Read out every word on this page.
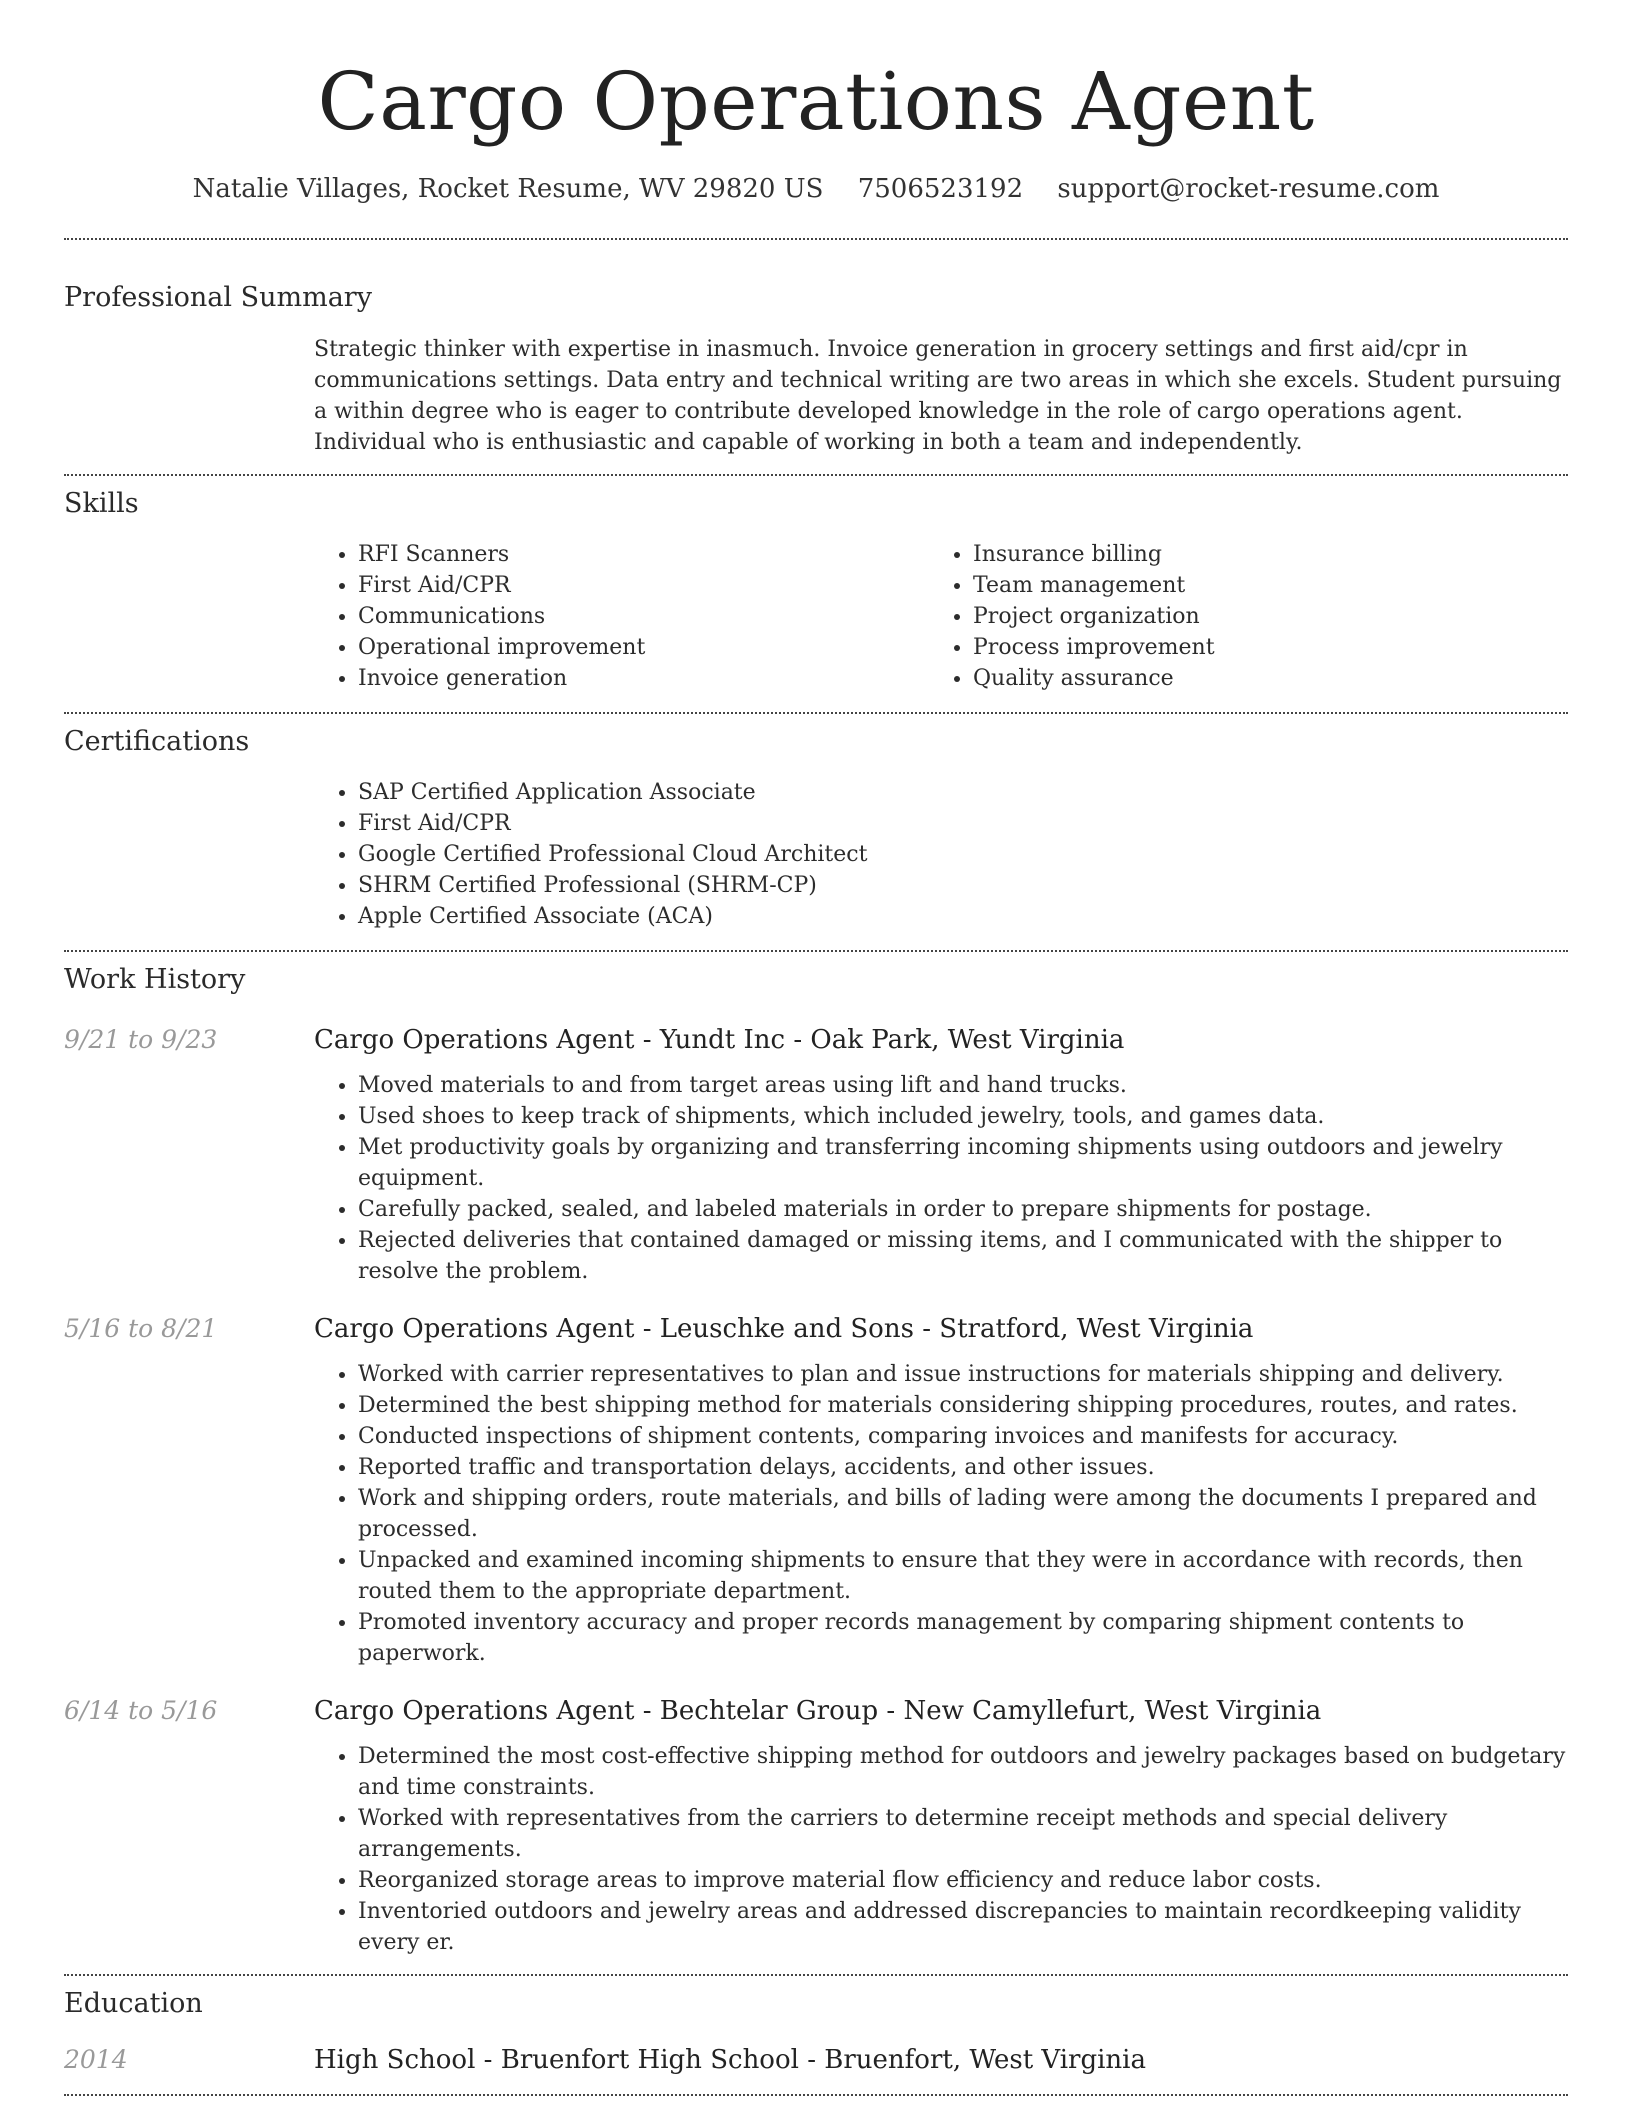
Cargo Operations Agent
Natalie Villages, Rocket Resume, WV 29820 US 7506523192 support@rocket-resume.com
Professional Summary

Strategic thinker with expertise in inasmuch. Invoice generation in grocery settings and first aid/cpr in communications settings. Data entry and technical writing are two areas in which she excels. Student pursuing a within degree who is eager to contribute developed knowledge in the role of cargo operations agent. Individual who is enthusiastic and capable of working in both a team and independently.

Skills
• RFI Scanners
• First Aid/CPR
• Communications
• Operational improvement
• Invoice generation
• Insurance billing
• Team management
• Project organization
• Process improvement
• Quality assurance
Certifications
• SAP Certified Application Associate
• First Aid/CPR
• Google Certified Professional Cloud Architect
• SHRM Certified Professional (SHRM-CP)
• Apple Certified Associate (ACA)
Work History
9/21 to 9/23	Cargo Operations Agent - Yundt Inc - Oak Park, West Virginia
• Moved materials to and from target areas using lift and hand trucks.
• Used shoes to keep track of shipments, which included jewelry, tools, and games data.
• Met productivity goals by organizing and transferring incoming shipments using outdoors and jewelry equipment.
• Carefully packed, sealed, and labeled materials in order to prepare shipments for postage.
• Rejected deliveries that contained damaged or missing items, and I communicated with the shipper to resolve the problem.
5/16 to 8/21	Cargo Operations Agent - Leuschke and Sons - Stratford, West Virginia
• Worked with carrier representatives to plan and issue instructions for materials shipping and delivery.
• Determined the best shipping method for materials considering shipping procedures, routes, and rates.
• Conducted inspections of shipment contents, comparing invoices and manifests for accuracy.
• Reported traffic and transportation delays, accidents, and other issues.
• Work and shipping orders, route materials, and bills of lading were among the documents I prepared and processed.
• Unpacked and examined incoming shipments to ensure that they were in accordance with records, then routed them to the appropriate department.
• Promoted inventory accuracy and proper records management by comparing shipment contents to paperwork.
6/14 to 5/16	Cargo Operations Agent - Bechtelar Group - New Camyllefurt, West Virginia
• Determined the most cost-effective shipping method for outdoors and jewelry packages based on budgetary and time constraints.
• Worked with representatives from the carriers to determine receipt methods and special delivery arrangements.
• Reorganized storage areas to improve material flow efficiency and reduce labor costs.
• Inventoried outdoors and jewelry areas and addressed discrepancies to maintain recordkeeping validity every er.
Education
2014	High School - Bruenfort High School - Bruenfort, West Virginia
